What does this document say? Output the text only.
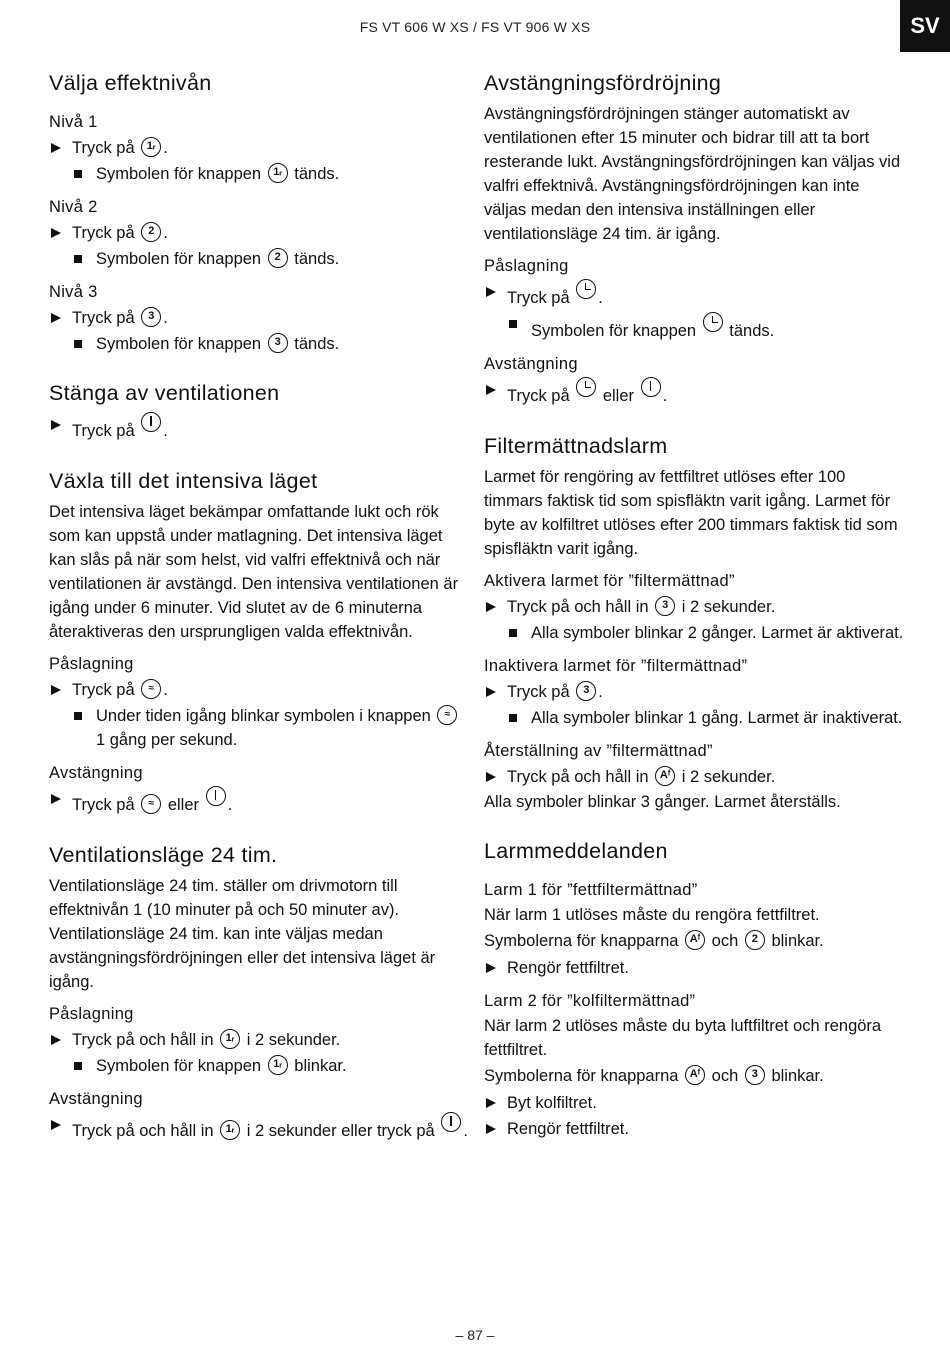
FS VT 606 W XS / FS VT 906 W XS	SV
Välja effektnivån
Nivå 1
Tryck på 1ᵣ .
Symbolen för knappen 1ᵣ tänds.
Nivå 2
Tryck på 2 .
Symbolen för knappen 2 tänds.
Nivå 3
Tryck på 3 .
Symbolen för knappen 3 tänds.
Stänga av ventilationen
Tryck på .
Växla till det intensiva läget

Det intensiva läget bekämpar omfattande lukt och rök som kan uppstå under matlagning. Det intensiva läget kan slås på när som helst, vid valfri effektnivå och när ventilationen är avstängd. Den intensiva ventilationen är igång under 6 minuter. Vid slutet av de 6 minuterna återaktiveras den ursprungligen valda effektnivån.

Påslagning
Tryck på ≈ .
Under tiden igång blinkar symbolen i knappen ≈ 1 gång per sekund.
Avstängning
Tryck på ≈ eller .
Ventilationsläge 24 tim.

Ventilationsläge 24 tim. ställer om drivmotorn till effektnivån 1 (10 minuter på och 50 minuter av). Ventilationsläge 24 tim. kan inte väljas medan avstängningsfördröjningen eller det intensiva läget är igång.

Påslagning
Tryck på och håll in 1ᵣ i 2 sekunder.
Symbolen för knappen 1ᵣ blinkar.
Avstängning
Tryck på och håll in 1ᵣ i 2 sekunder eller tryck på .
Avstängningsfördröjning

Avstängningsfördröjningen stänger automatiskt av ventilationen efter 15 minuter och bidrar till att ta bort resterande lukt. Avstängningsfördröjningen kan väljas vid valfri effektnivå. Avstängningsfördröjningen kan inte väljas medan den intensiva inställningen eller ventilationsläge 24 tim. är igång.

Påslagning
Tryck på .
Symbolen för knappen tänds.
Avstängning
Tryck på eller .
Filtermättnadslarm

Larmet för rengöring av fettfiltret utlöses efter 100 timmars faktisk tid som spisfläktn varit igång. Larmet för byte av kolfiltret utlöses efter 200 timmars faktisk tid som spisfläktn varit igång.

Aktivera larmet för ”filtermättnad”
Tryck på och håll in 3 i 2 sekunder.
Alla symboler blinkar 2 gånger. Larmet är aktiverat.
Inaktivera larmet för ”filtermättnad”
Tryck på 3 .
Alla symboler blinkar 1 gång. Larmet är inaktiverat.
Återställning av ”filtermättnad”
Tryck på och håll in Aᶠ i 2 sekunder.

Alla symboler blinkar 3 gånger. Larmet återställs.

Larmmeddelanden
Larm 1 för ”fettfiltermättnad”

När larm 1 utlöses måste du rengöra fettfiltret.

Symbolerna för knapparna Aᶠ och 2 blinkar.

Rengör fettfiltret.
Larm 2 för ”kolfiltermättnad”

När larm 2 utlöses måste du byta luftfiltret och rengöra fettfiltret.

Symbolerna för knapparna Aᶠ och 3 blinkar.

Byt kolfiltret.
Rengör fettfiltret.
– 87 –
